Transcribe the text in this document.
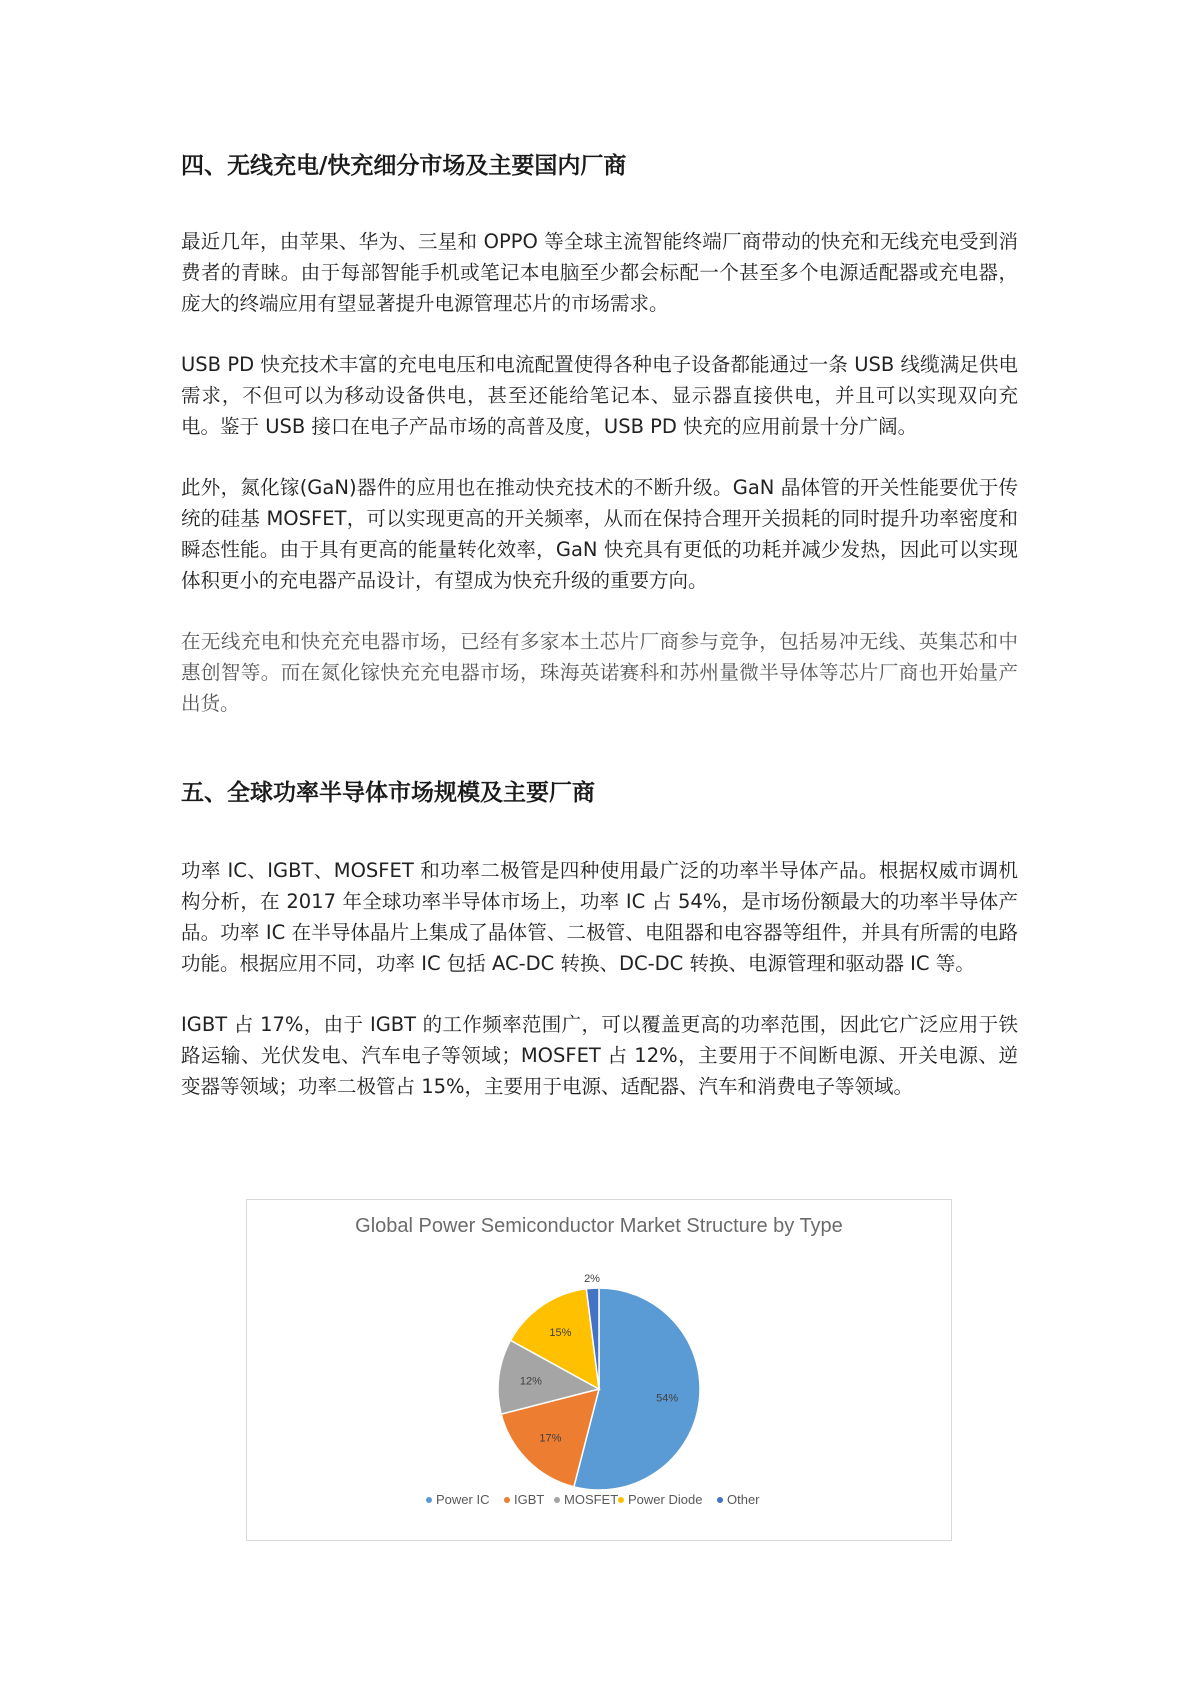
四、无线充电/快充细分市场及主要国内厂商

最近几年，由苹果、华为、三星和 OPPO 等全球主流智能终端厂商带动的快充和无线充电受到消费者的青睐。由于每部智能手机或笔记本电脑至少都会标配一个甚至多个电源适配器或充电器，庞大的终端应用有望显著提升电源管理芯片的市场需求。

USB PD 快充技术丰富的充电电压和电流配置使得各种电子设备都能通过一条 USB 线缆满足供电需求，不但可以为移动设备供电，甚至还能给笔记本、显示器直接供电，并且可以实现双向充电。鉴于 USB 接口在电子产品市场的高普及度，USB PD 快充的应用前景十分广阔。

此外，氮化镓(GaN)器件的应用也在推动快充技术的不断升级。GaN 晶体管的开关性能要优于传统的硅基 MOSFET，可以实现更高的开关频率，从而在保持合理开关损耗的同时提升功率密度和瞬态性能。由于具有更高的能量转化效率，GaN 快充具有更低的功耗并减少发热，因此可以实现体积更小的充电器产品设计，有望成为快充升级的重要方向。

在无线充电和快充充电器市场，已经有多家本土芯片厂商参与竞争，包括易冲无线、英集芯和中惠创智等。而在氮化镓快充充电器市场，珠海英诺赛科和苏州量微半导体等芯片厂商也开始量产出货。

五、全球功率半导体市场规模及主要厂商

功率 IC、IGBT、MOSFET 和功率二极管是四种使用最广泛的功率半导体产品。根据权威市调机构分析，在 2017 年全球功率半导体市场上，功率 IC 占 54%，是市场份额最大的功率半导体产品。功率 IC 在半导体晶片上集成了晶体管、二极管、电阻器和电容器等组件，并具有所需的电路功能。根据应用不同，功率 IC 包括 AC-DC 转换、DC-DC 转换、电源管理和驱动器 IC 等。

IGBT 占 17%，由于 IGBT 的工作频率范围广，可以覆盖更高的功率范围，因此它广泛应用于铁路运输、光伏发电、汽车电子等领域；MOSFET 占 12%，主要用于不间断电源、开关电源、逆变器等领域；功率二极管占 15%，主要用于电源、适配器、汽车和消费电子等领域。

Global Power Semiconductor Market Structure by Type
54%
17%
12%
15%
2%
Power IC IGBT MOSFET Power Diode Other
